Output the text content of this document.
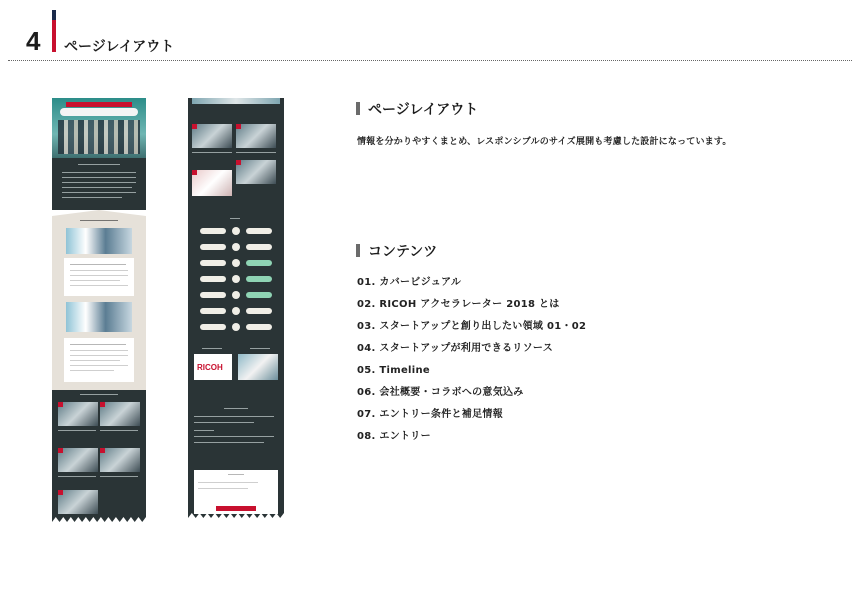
4 ページレイアウト
RICOH
ページレイアウト
情報を分かりやすくまとめ、レスポンシブルのサイズ展開も考慮した設計になっています。
コンテンツ
01. カバービジュアル
02. RICOH アクセラレーター 2018 とは
03. スタートアップと創り出したい領域 01・02
04. スタートアップが利用できるリソース
05. Timeline
06. 会社概要・コラボへの意気込み
07. エントリー条件と補足情報
08. エントリー
